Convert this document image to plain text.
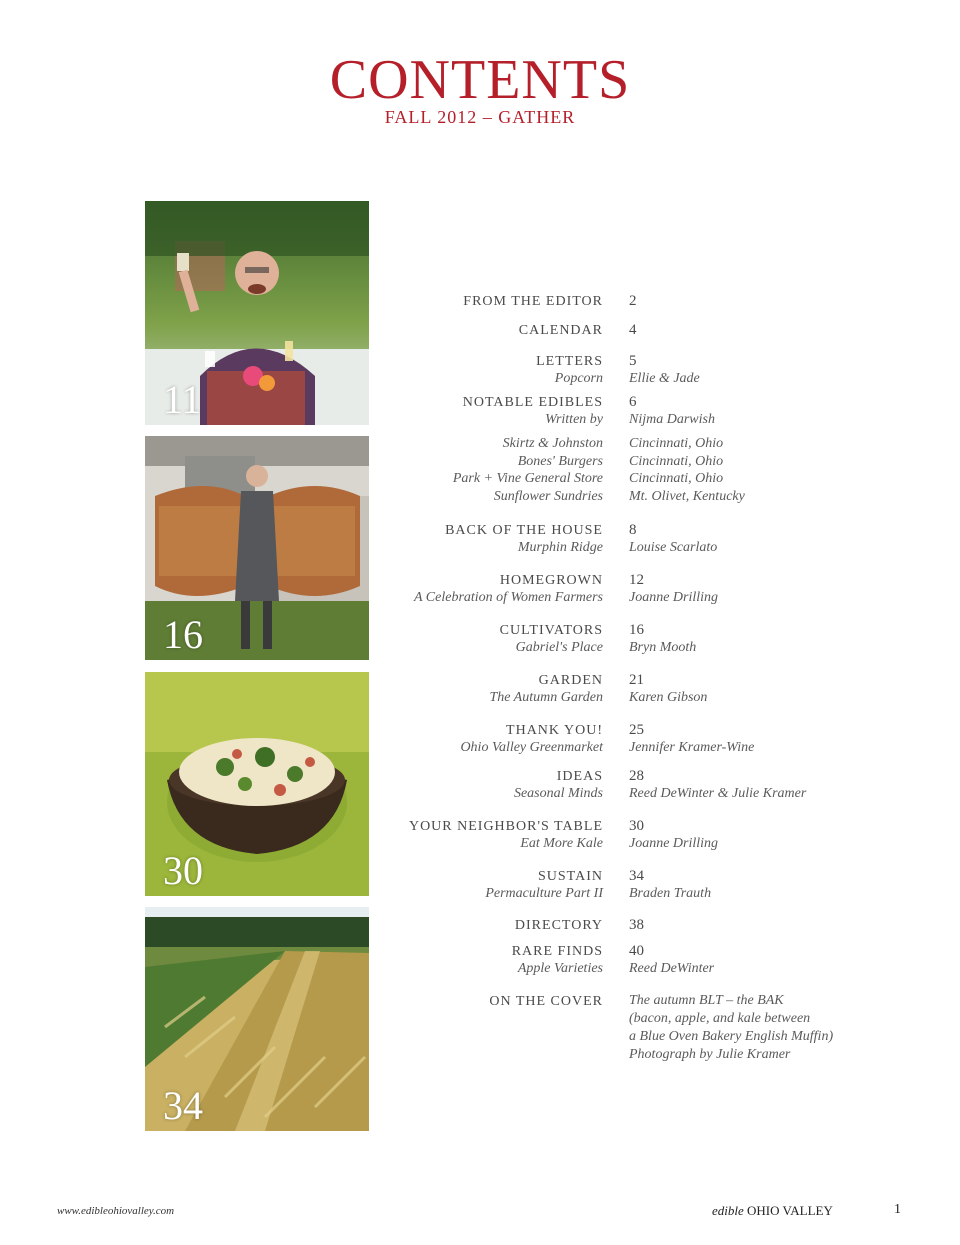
CONTENTS
FALL 2012 – GATHER
11
16
30
34
FROM THE EDITOR 2
CALENDAR 4
LETTERS 5
Popcorn Ellie & Jade
NOTABLE EDIBLES 6
Written by Nijma Darwish
Skirtz & Johnston Cincinnati, Ohio
Bones' Burgers Cincinnati, Ohio
Park + Vine General Store Cincinnati, Ohio
Sunflower Sundries Mt. Olivet, Kentucky
BACK OF THE HOUSE 8
Murphin Ridge Louise Scarlato
HOMEGROWN 12
A Celebration of Women Farmers Joanne Drilling
CULTIVATORS 16
Gabriel's Place Bryn Mooth
GARDEN 21
The Autumn Garden Karen Gibson
THANK YOU! 25
Ohio Valley Greenmarket Jennifer Kramer-Wine
IDEAS 28
Seasonal Minds Reed DeWinter & Julie Kramer
YOUR NEIGHBOR'S TABLE 30
Eat More Kale Joanne Drilling
SUSTAIN 34
Permaculture Part II Braden Trauth
DIRECTORY 38
RARE FINDS 40
Apple Varieties Reed DeWinter
ON THE COVER The autumn BLT – the BAK
(bacon, apple, and kale between
a Blue Oven Bakery English Muffin)
Photograph by Julie Kramer
www.edibleohiovalley.com	edible OHIO VALLEY	1
